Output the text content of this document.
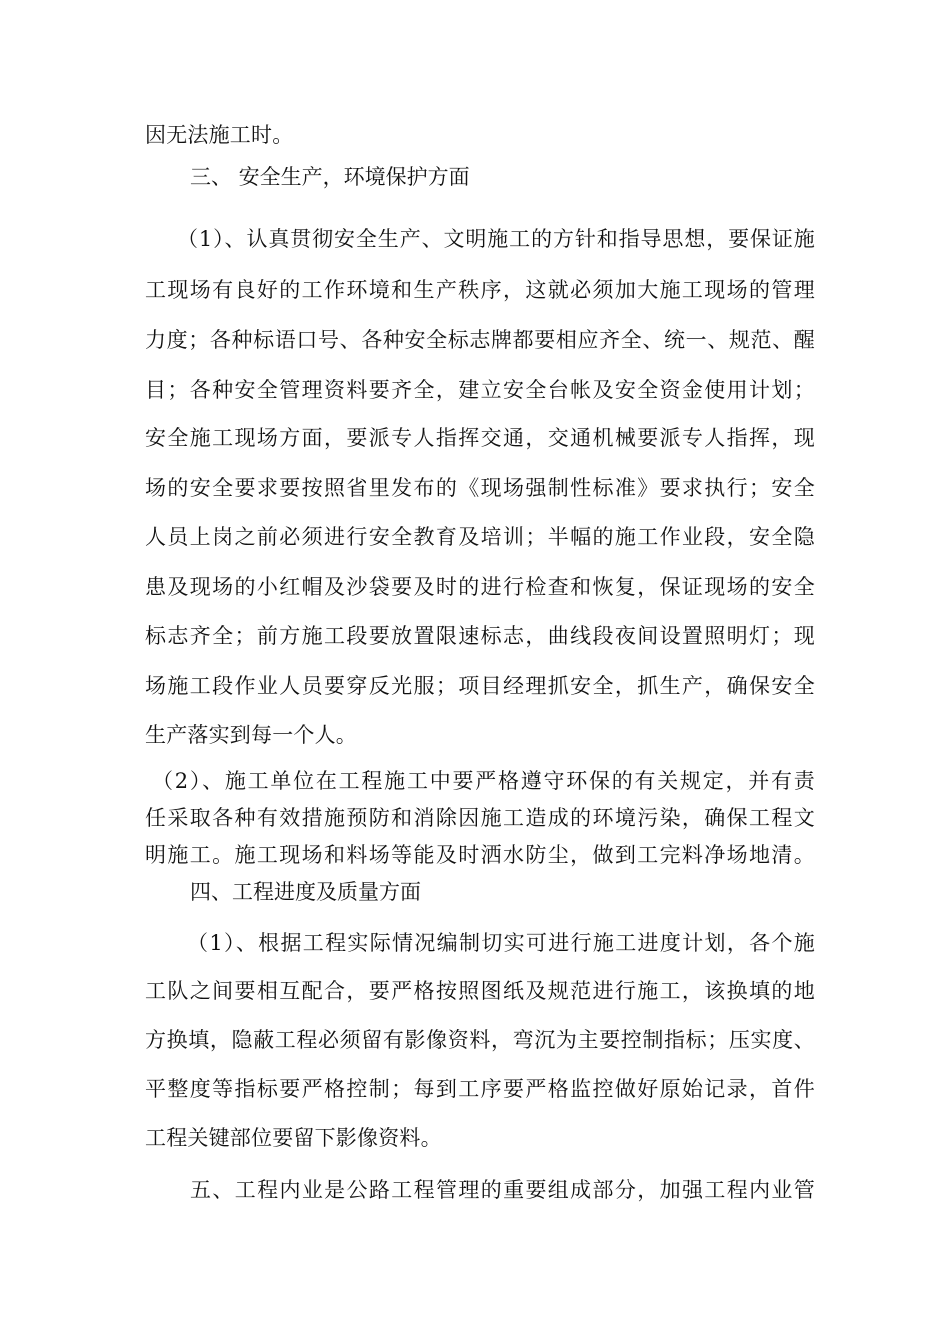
因无法施工时。
三、 安全生产，环境保护方面
（1）、认真贯彻安全生产、文明施工的方针和指导思想，要保证施
工现场有良好的工作环境和生产秩序，这就必须加大施工现场的管理
力度；各种标语口号、各种安全标志牌都要相应齐全、统一、规范、醒
目；各种安全管理资料要齐全，建立安全台帐及安全资金使用计划；
安全施工现场方面，要派专人指挥交通，交通机械要派专人指挥，现
场的安全要求要按照省里发布的《现场强制性标准》要求执行；安全
人员上岗之前必须进行安全教育及培训；半幅的施工作业段，安全隐
患及现场的小红帽及沙袋要及时的进行检查和恢复，保证现场的安全
标志齐全；前方施工段要放置限速标志，曲线段夜间设置照明灯；现
场施工段作业人员要穿反光服；项目经理抓安全，抓生产，确保安全
生产落实到每一个人。
（2）、施工单位在工程施工中要严格遵守环保的有关规定，并有责
任采取各种有效措施预防和消除因施工造成的环境污染，确保工程文
明施工。施工现场和料场等能及时洒水防尘，做到工完料净场地清。
四、工程进度及质量方面
（1）、根据工程实际情况编制切实可进行施工进度计划，各个施
工队之间要相互配合，要严格按照图纸及规范进行施工，该换填的地
方换填，隐蔽工程必须留有影像资料，弯沉为主要控制指标；压实度、
平整度等指标要严格控制；每到工序要严格监控做好原始记录，首件
工程关键部位要留下影像资料。
五、工程内业是公路工程管理的重要组成部分，加强工程内业管
